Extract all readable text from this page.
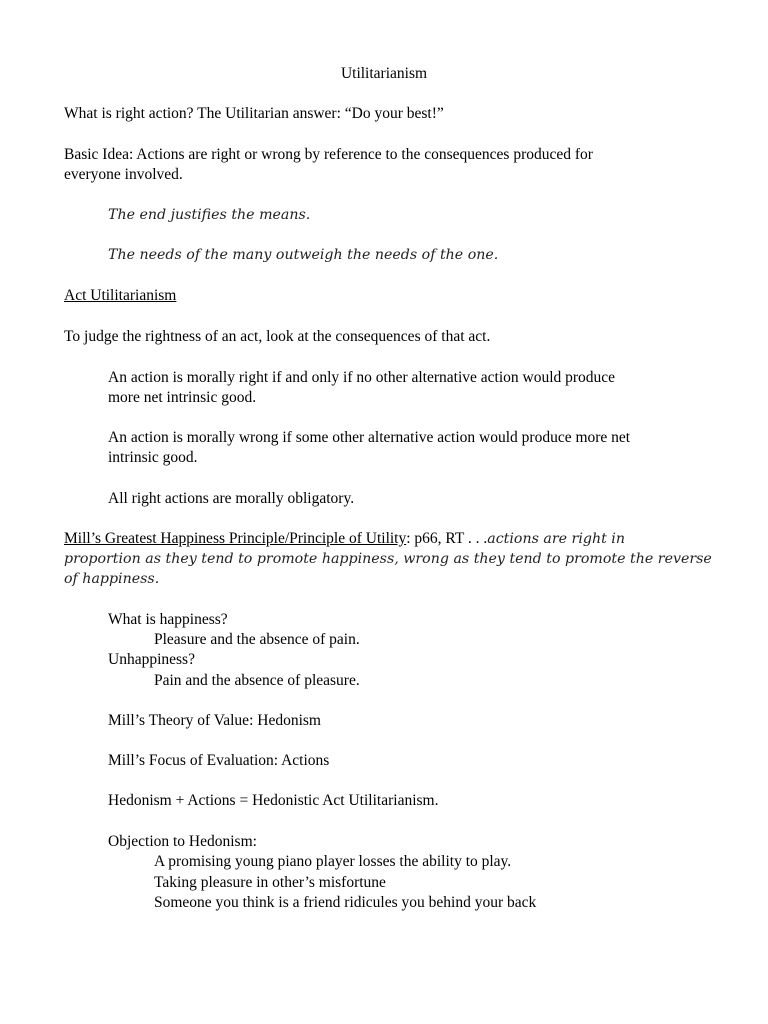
Utilitarianism
What is right action? The Utilitarian answer: “Do your best!”
Basic Idea: Actions are right or wrong by reference to the consequences produced for
everyone involved.
The end justifies the means.
The needs of the many outweigh the needs of the one.
Act Utilitarianism
To judge the rightness of an act, look at the consequences of that act.
An action is morally right if and only if no other alternative action would produce
more net intrinsic good.
An action is morally wrong if some other alternative action would produce more net
intrinsic good.
All right actions are morally obligatory.
Mill’s Greatest Happiness Principle/Principle of Utility: p66, RT . . .actions are right in
proportion as they tend to promote happiness, wrong as they tend to promote the reverse
of happiness.
What is happiness?
Pleasure and the absence of pain.
Unhappiness?
Pain and the absence of pleasure.
Mill’s Theory of Value: Hedonism
Mill’s Focus of Evaluation: Actions
Hedonism + Actions = Hedonistic Act Utilitarianism.
Objection to Hedonism:
A promising young piano player losses the ability to play.
Taking pleasure in other’s misfortune
Someone you think is a friend ridicules you behind your back
